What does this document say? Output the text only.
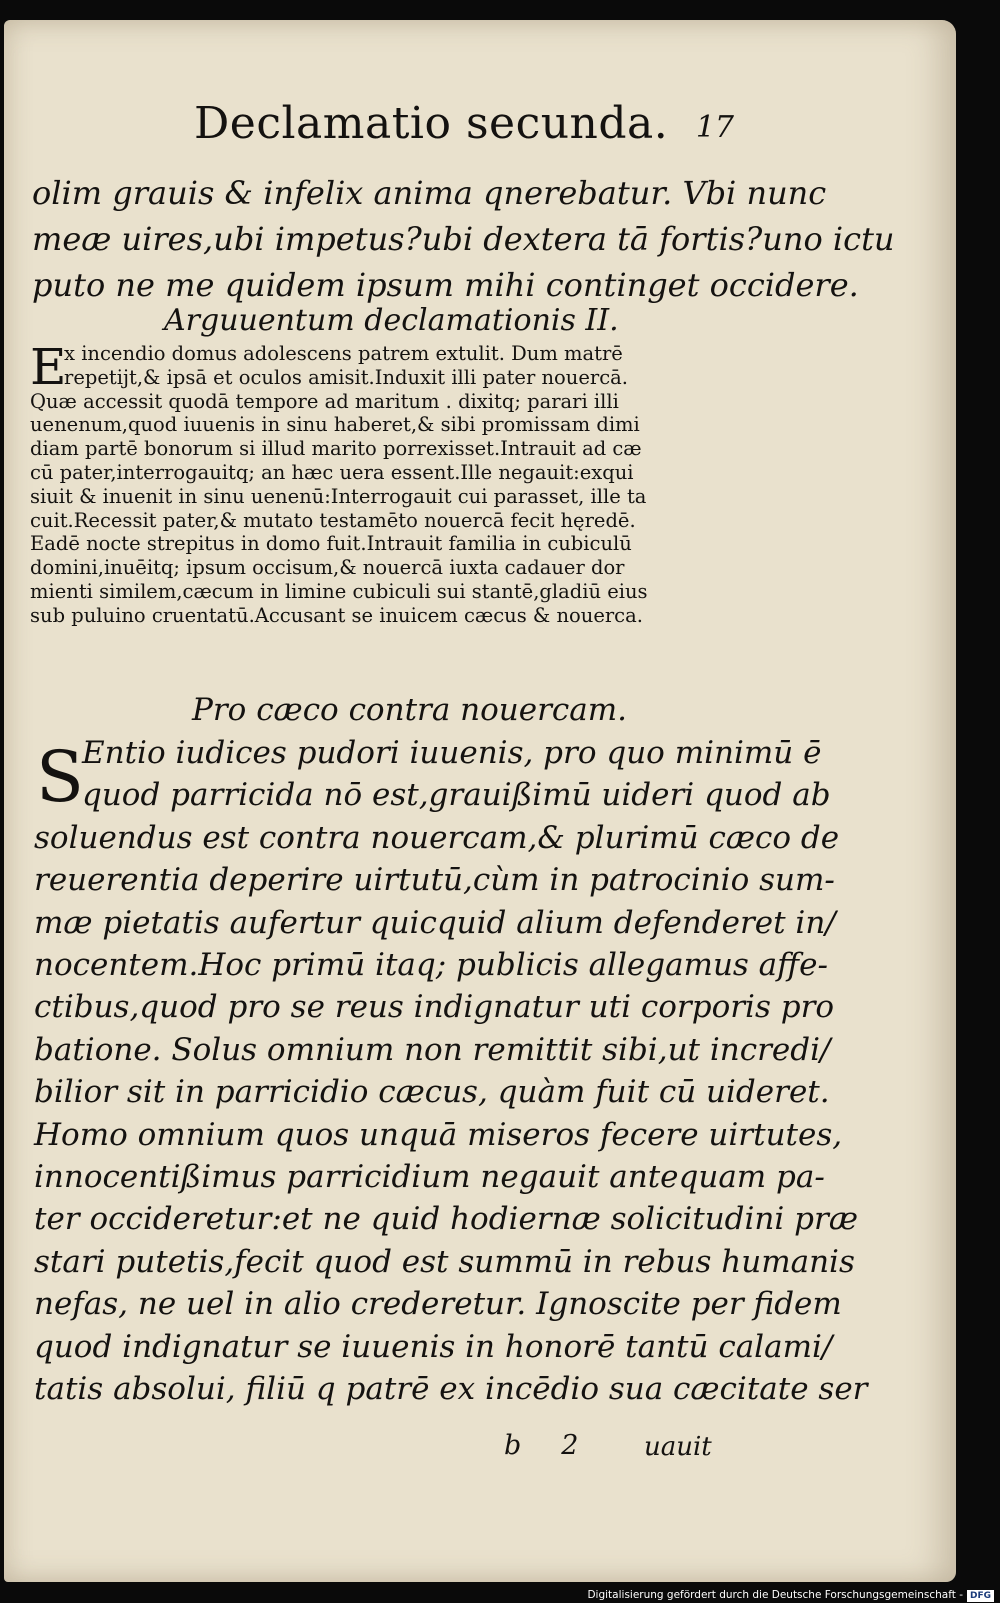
Declamatio secunda. 17
olim grauis & infelix anima qnerebatur. Vbi nunc
meæ uires,ubi impetus?ubi dextera tā fortis?uno ictu
puto ne me quidem ipsum mihi continget occidere.
Arguuentum declamationis II.
E
x incendio domus adolescens patrem extulit. Dum matrē
repetijt,& ipsā et oculos amisit.Induxit illi pater nouercā.
Quæ accessit quodā tempore ad maritum . dixitq; parari illi
uenenum,quod iuuenis in sinu haberet,& sibi promissam dimi
diam partē bonorum si illud marito porrexisset.Intrauit ad cæ
cū pater,interrogauitq; an hæc uera essent.Ille negauit:exqui
siuit & inuenit in sinu uenenū:Interrogauit cui parasset, ille ta
cuit.Recessit pater,& mutato testamēto nouercā fecit hęredē.
Eadē nocte strepitus in domo fuit.Intrauit familia in cubiculū
domini,inuēitq; ipsum occisum,& nouercā iuxta cadauer dor
mienti similem,cæcum in limine cubiculi sui stantē,gladiū eius
sub puluino cruentatū.Accusant se inuicem cæcus & nouerca.
Pro cæco contra nouercam.
S
Entio iudices pudori iuuenis, pro quo minimū ē
quod parricida nō est,grauißimū uideri quod ab
soluendus est contra nouercam,& plurimū cæco de
reuerentia deperire uirtutū,cùm in patrocinio sum-
mæ pietatis aufertur quicquid alium defenderet in/
nocentem.Hoc primū itaq; publicis allegamus affe-
ctibus,quod pro se reus indignatur uti corporis pro
batione. Solus omnium non remittit sibi,ut incredi/
bilior sit in parricidio cæcus, quàm fuit cū uideret.
Homo omnium quos unquā miseros fecere uirtutes,
innocentißimus parricidium negauit antequam pa-
ter occideretur:et ne quid hodiernæ solicitudini præ
stari putetis,fecit quod est summū in rebus humanis
nefas, ne uel in alio crederetur. Ignoscite per fidem
quod indignatur se iuuenis in honorē tantū calami/
tatis absolui, filiū q patrē ex incēdio sua cæcitate ser
b 2	uauit
Digitalisierung gefördert durch die Deutsche Forschungsgemeinschaft - DFG
